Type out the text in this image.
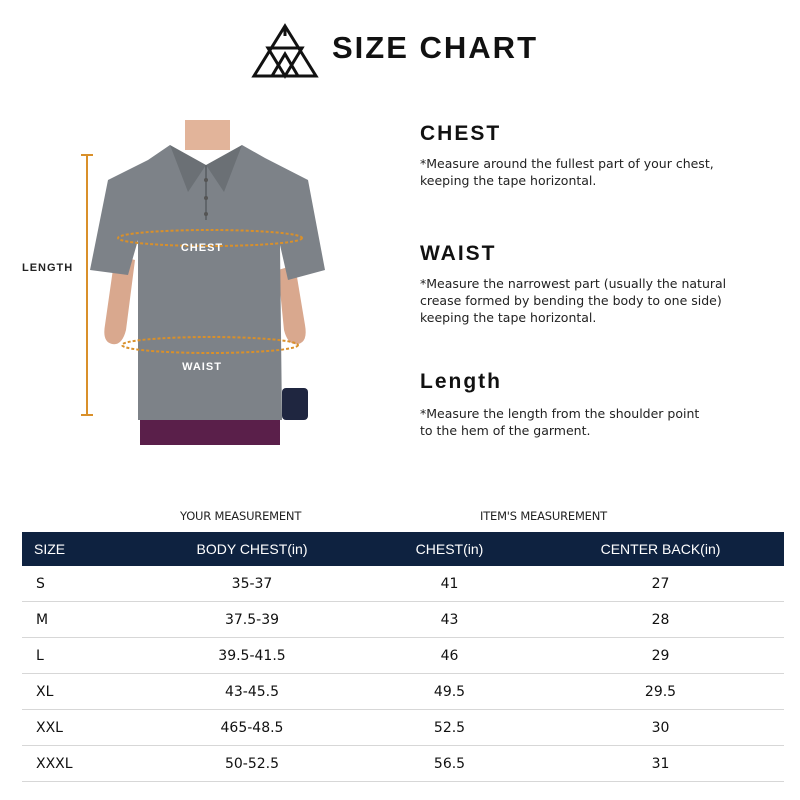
SIZE CHART
LENGTH
CHEST
WAIST
CHEST
*Measure around the fullest part of your chest,
keeping the tape horizontal.
WAIST
*Measure the narrowest part (usually the natural
crease formed by bending the body to one side)
keeping the tape horizontal.
Length
*Measure the length from the shoulder point
to the hem of the garment.
YOUR MEASUREMENT	ITEM'S MEASUREMENT
SIZE	BODY CHEST(in)	CHEST(in)	CENTER BACK(in)
S	35-37	41	27
M	37.5-39	43	28
L	39.5-41.5	46	29
XL	43-45.5	49.5	29.5
XXL	465-48.5	52.5	30
XXXL	50-52.5	56.5	31
